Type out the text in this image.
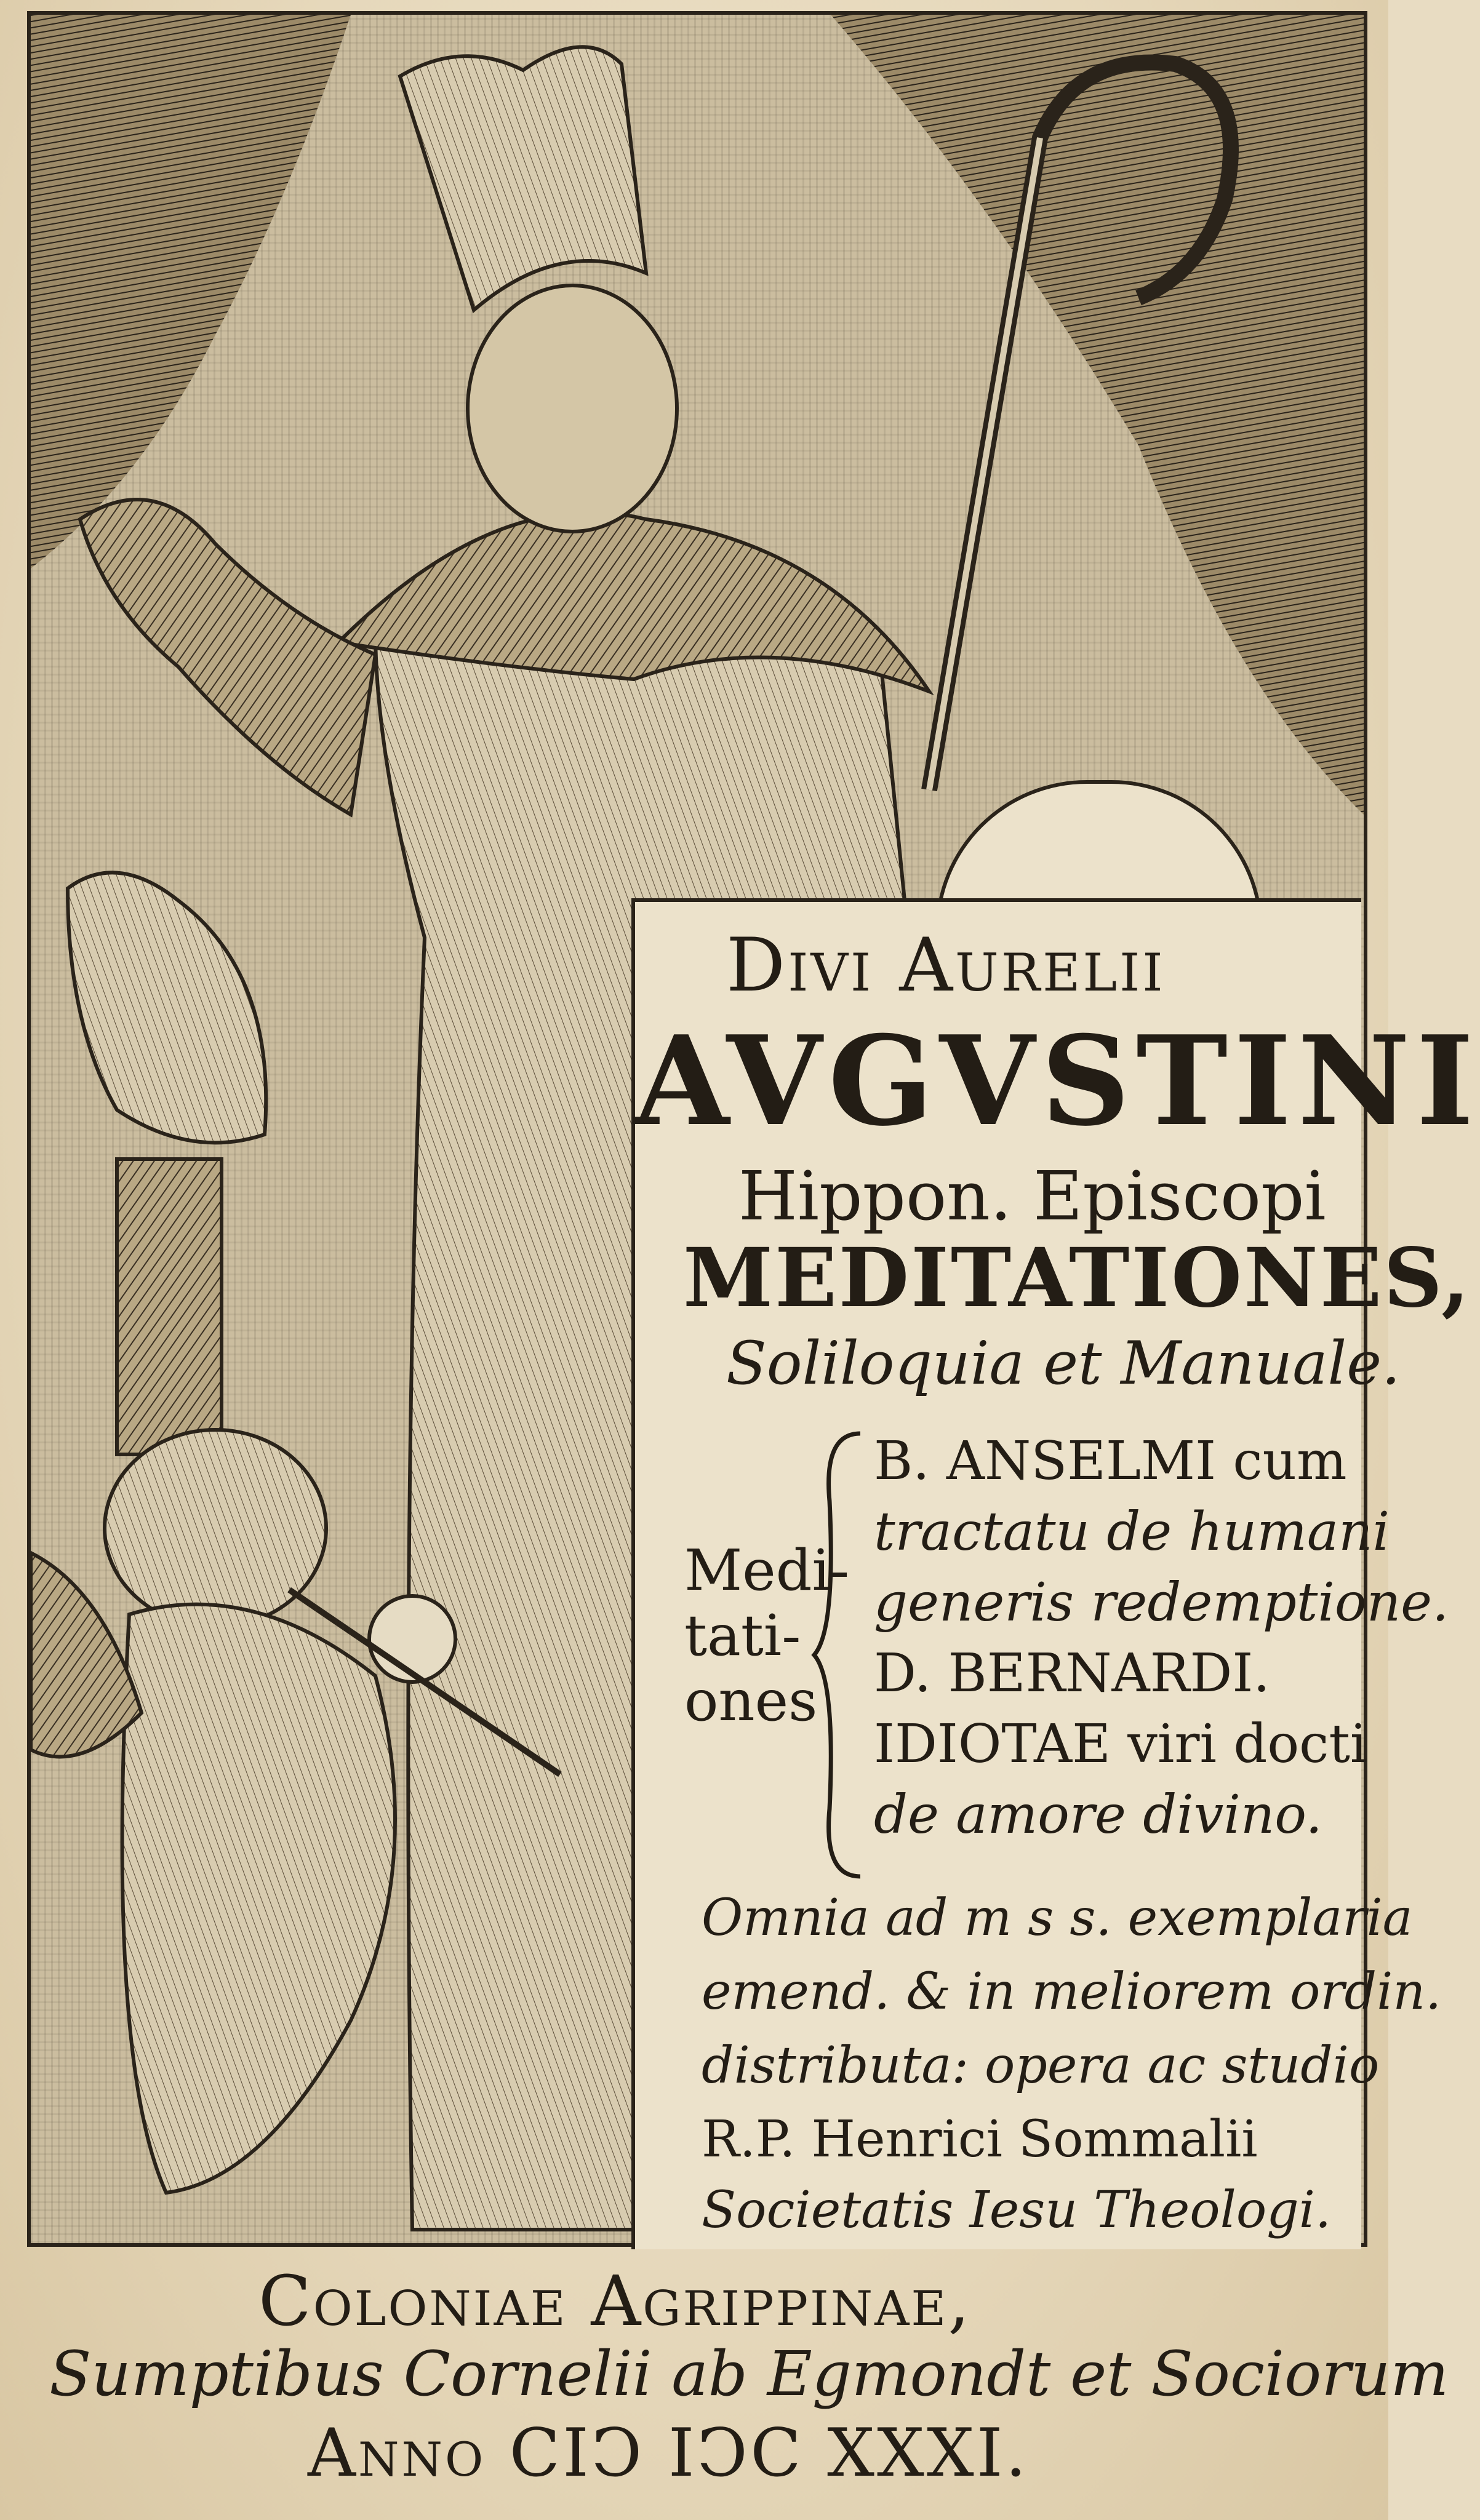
Divi Aurelii
AVGVSTINI
Hippon. Episcopi
MEDITATIONES,
Soliloquia et Manuale.
Medi-
tati-
ones
B. ANSELMI cum
tractatu de humani
generis redemptione.
D. BERNARDI.
IDIOTAE viri docti
de amore divino.
Omnia ad m s s. exemplaria
emend. & in meliorem ordin.
distributa: opera ac studio
R.P. Henrici Sommalii
Societatis Iesu Theologi.
Coloniae Agrippinae,
Sumptibus Cornelii ab Egmondt et Sociorum
Anno CIↃ IↃC XXXI.
